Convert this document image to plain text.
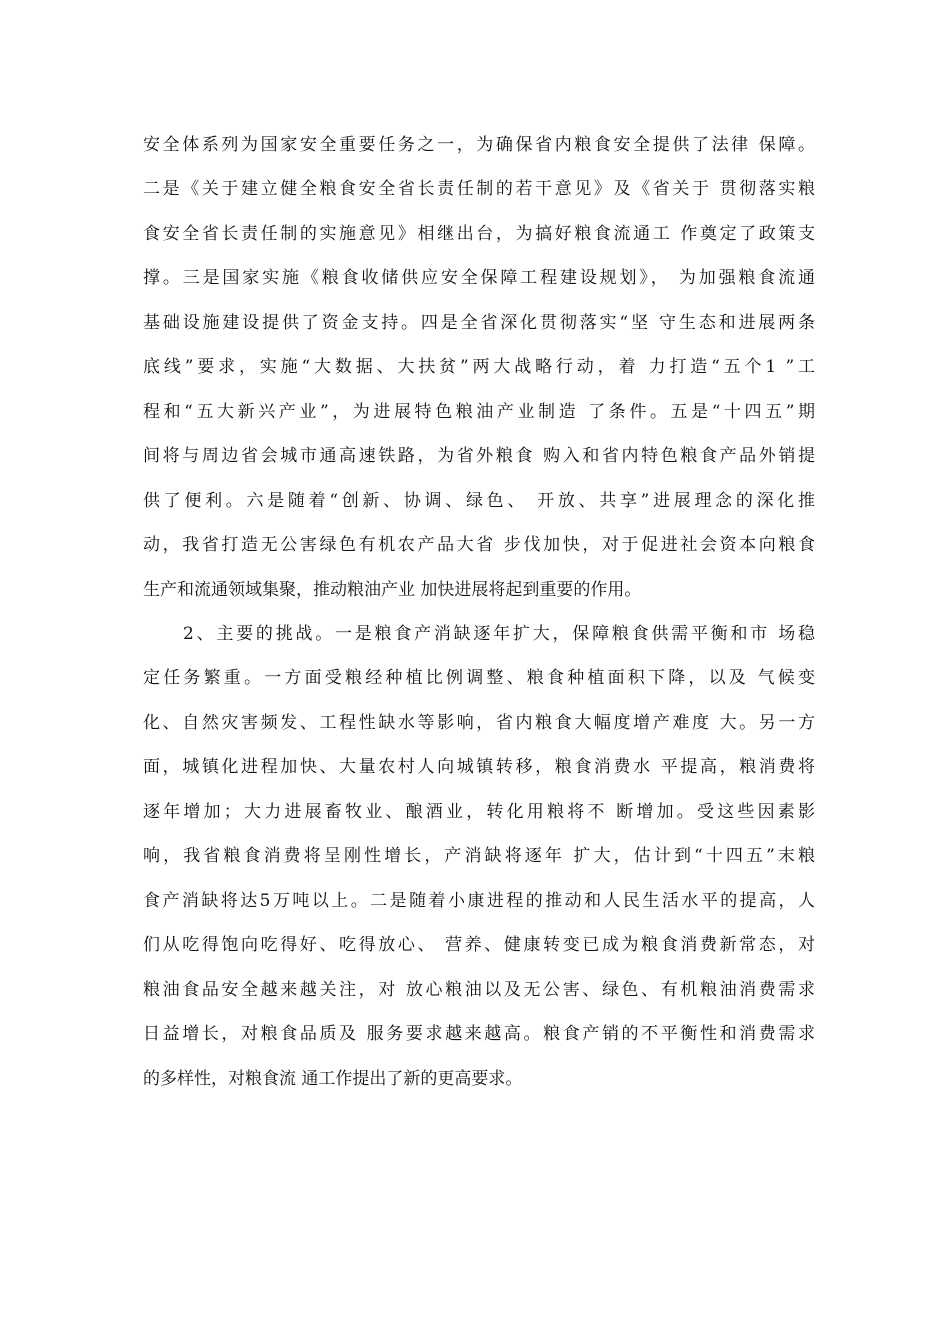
安全体系列为国家安全重要任务之一，为确保省内粮食安全提供了法律 保障。
二是《关于建立健全粮食安全省长责任制的若干意见》及《省关于 贯彻落实粮
食安全省长责任制的实施意见》相继出台，为搞好粮食流通工 作奠定了政策支
撑。三是国家实施《粮食收储供应安全保障工程建设规划》， 为加强粮食流通
基础设施建设提供了资金支持。四是全省深化贯彻落实“坚 守生态和进展两条
底线”要求，实施“大数据、大扶贫”两大战略行动，着 力打造“五个1 ”工
程和“五大新兴产业”，为进展特色粮油产业制造 了条件。五是“十四五”期
间将与周边省会城市通高速铁路，为省外粮食 购入和省内特色粮食产品外销提
供了便利。六是随着“创新、协调、绿色、 开放、共享”进展理念的深化推
动，我省打造无公害绿色有机农产品大省 步伐加快，对于促进社会资本向粮食
生产和流通领域集聚，推动粮油产业 加快进展将起到重要的作用。
2、主要的挑战。一是粮食产消缺逐年扩大，保障粮食供需平衡和市 场稳
定任务繁重。一方面受粮经种植比例调整、粮食种植面积下降，以及 气候变
化、自然灾害频发、工程性缺水等影响，省内粮食大幅度增产难度 大。另一方
面，城镇化进程加快、大量农村人向城镇转移，粮食消费水 平提高，粮消费将
逐年增加；大力进展畜牧业、酿酒业，转化用粮将不 断增加。受这些因素影
响，我省粮食消费将呈刚性增长，产消缺将逐年 扩大，估计到“十四五”末粮
食产消缺将达5万吨以上。二是随着小康进程的推动和人民生活水平的提高，人
们从吃得饱向吃得好、吃得放心、 营养、健康转变已成为粮食消费新常态，对
粮油食品安全越来越关注，对 放心粮油以及无公害、绿色、有机粮油消费需求
日益增长，对粮食品质及 服务要求越来越高。粮食产销的不平衡性和消费需求
的多样性，对粮食流 通工作提出了新的更高要求。
